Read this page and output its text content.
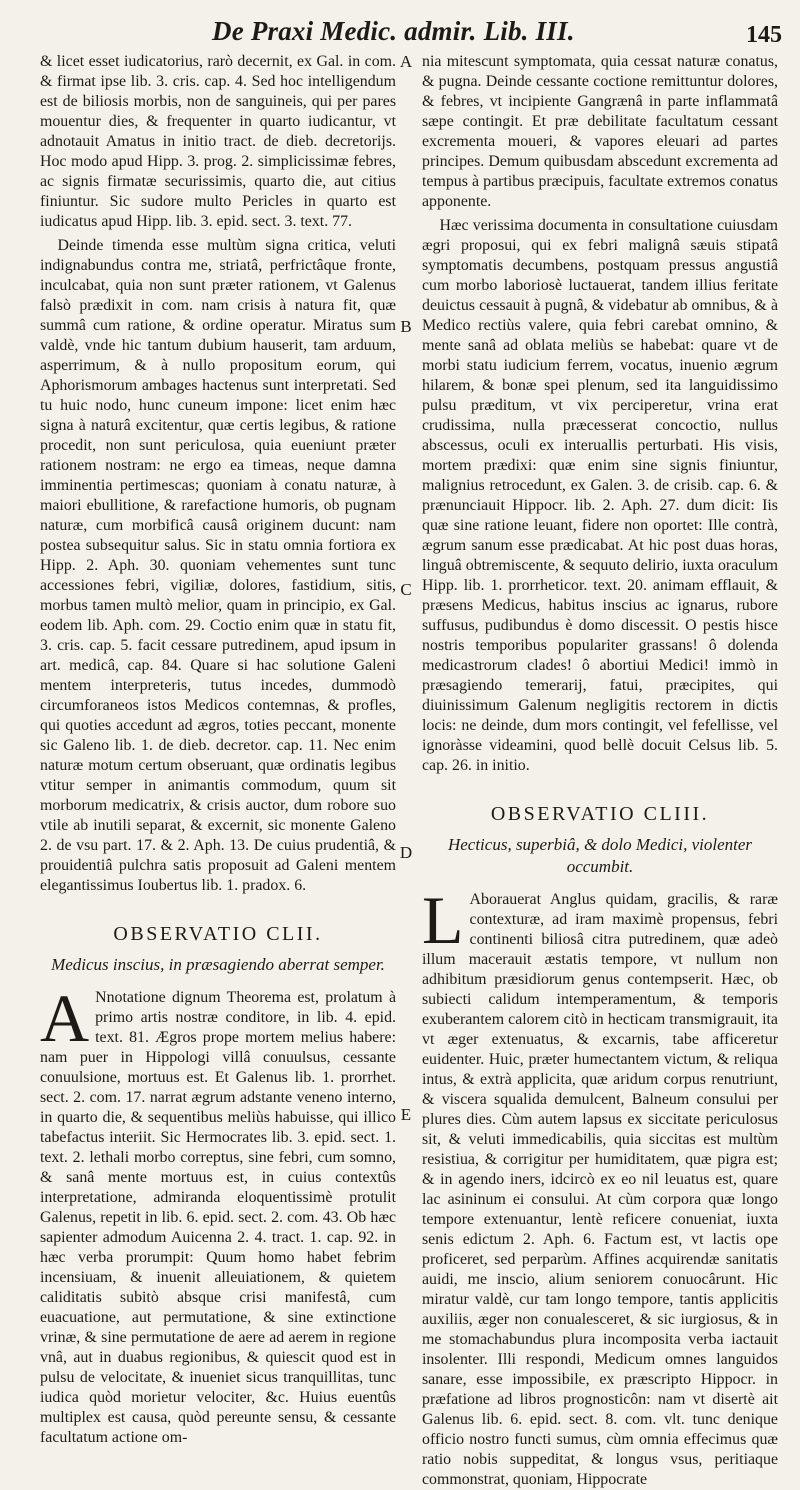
De Praxi Medic. admir. Lib. III.	145
A
B
C
D
E

& licet esset iudicatorius, rarò decernit, ex Gal. in com. & firmat ipse lib. 3. cris. cap. 4. Sed hoc intelligendum est de biliosis morbis, non de sanguineis, qui per pares mouentur dies, & frequenter in quarto iudicantur, vt adnotauit Amatus in initio tract. de dieb. decretorijs. Hoc modo apud Hipp. 3. prog. 2. simplicissimæ febres, ac signis firmatæ securissimis, quarto die, aut citius finiuntur. Sic sudore multo Pericles in quarto est iudicatus apud Hipp. lib. 3. epid. sect. 3. text. 77.

Deinde timenda esse multùm signa critica, veluti indignabundus contra me, striatâ, perfrictâque fronte, inculcabat, quia non sunt præter rationem, vt Galenus falsò prædixit in com. nam crisis à natura fit, quæ summâ cum ratione, & ordine operatur. Miratus sum valdè, vnde hic tantum dubium hauserit, tam arduum, asperrimum, & à nullo propositum eorum, qui Aphorismorum ambages hactenus sunt interpretati. Sed tu huic nodo, hunc cuneum impone: licet enim hæc signa à naturâ excitentur, quæ certis legibus, & ratione procedit, non sunt periculosa, quia eueniunt præter rationem nostram: ne ergo ea timeas, neque damna imminentia pertimescas; quoniam à conatu naturæ, à maiori ebullitione, & rarefactione humoris, ob pugnam naturæ, cum morbificâ causâ originem ducunt: nam postea subsequitur salus. Sic in statu omnia fortiora ex Hipp. 2. Aph. 30. quoniam vehementes sunt tunc accessiones febri, vigiliæ, dolores, fastidium, sitis, morbus tamen multò melior, quam in principio, ex Gal. eodem lib. Aph. com. 29. Coctio enim quæ in statu fit, 3. cris. cap. 5. facit cessare putredinem, apud ipsum in art. medicâ, cap. 84. Quare si hac solutione Galeni mentem interpreteris, tutus incedes, dummodò circumforaneos istos Medicos contemnas, & profles, qui quoties accedunt ad ægros, toties peccant, monente sic Galeno lib. 1. de dieb. decretor. cap. 11. Nec enim naturæ motum certum obseruant, quæ ordinatis legibus vtitur semper in animantis commodum, quum sit morborum medicatrix, & crisis auctor, dum robore suo vtile ab inutili separat, & excernit, sic monente Galeno 2. de vsu part. 17. & 2. Aph. 13. De cuius prudentiâ, & prouidentiâ pulchra satis proposuit ad Galeni mentem elegantissimus Ioubertus lib. 1. pradox. 6.

OBSERVATIO CLII.
Medicus inscius, in præsagiendo aberrat semper.

A Nnotatione dignum Theorema est, prolatum à primo artis nostræ conditore, in lib. 4. epid. text. 81. Ægros prope mortem melius habere: nam puer in Hippologi villâ conuulsus, cessante conuulsione, mortuus est. Et Galenus lib. 1. prorrhet. sect. 2. com. 17. narrat ægrum adstante veneno interno, in quarto die, & sequentibus meliùs habuisse, qui illico tabefactus interiit. Sic Hermocrates lib. 3. epid. sect. 1. text. 2. lethali morbo correptus, sine febri, cum somno, & sanâ mente mortuus est, in cuius contextûs interpretatione, admiranda eloquentissimè protulit Galenus, repetit in lib. 6. epid. sect. 2. com. 43. Ob hæc sapienter admodum Auicenna 2. 4. tract. 1. cap. 92. in hæc verba prorumpit: Quum homo habet febrim incensiuam, & inuenit alleuiationem, & quietem caliditatis subitò absque crisi manifestâ, cum euacuatione, aut permutatione, & sine extinctione vrinæ, & sine permutatione de aere ad aerem in regione vnâ, aut in duabus regionibus, & quiescit quod est in pulsu de velocitate, & inueniet sicus tranquillitas, tunc iudica quòd morietur velociter, &c. Huius euentûs multiplex est causa, quòd pereunte sensu, & cessante facultatum actione om-

nia mitescunt symptomata, quia cessat naturæ conatus, & pugna. Deinde cessante coctione remittuntur dolores, & febres, vt incipiente Gangrænâ in parte inflammatâ sæpe contingit. Et præ debilitate facultatum cessant excrementa moueri, & vapores eleuari ad partes principes. Demum quibusdam abscedunt excrementa ad tempus à partibus præcipuis, facultate extremos conatus apponente.

Hæc verissima documenta in consultatione cuiusdam ægri proposui, qui ex febri malignâ sæuis stipatâ symptomatis decumbens, postquam pressus angustiâ cum morbo laboriosè luctauerat, tandem illius feritate deuictus cessauit à pugnâ, & videbatur ab omnibus, & à Medico rectiùs valere, quia febri carebat omnino, & mente sanâ ad oblata meliùs se habebat: quare vt de morbi statu iudicium ferrem, vocatus, inuenio ægrum hilarem, & bonæ spei plenum, sed ita languidissimo pulsu præditum, vt vix perciperetur, vrina erat crudissima, nulla præcesserat concoctio, nullus abscessus, oculi ex interuallis perturbati. His visis, mortem prædixi: quæ enim sine signis finiuntur, malignius retrocedunt, ex Galen. 3. de crisib. cap. 6. & prænunciauit Hippocr. lib. 2. Aph. 27. dum dicit: Iis quæ sine ratione leuant, fidere non oportet: Ille contrà, ægrum sanum esse prædicabat. At hic post duas horas, linguâ obtremiscente, & sequuto delirio, iuxta oraculum Hipp. lib. 1. prorrheticor. text. 20. animam efflauit, & præsens Medicus, habitus inscius ac ignarus, rubore suffusus, pudibundus è domo discessit. O pestis hisce nostris temporibus populariter grassans! ô dolenda medicastrorum clades! ô abortiui Medici! immò in præsagiendo temerarij, fatui, præcipites, qui diuinissimum Galenum negligitis rectorem in dictis locis: ne deinde, dum mors contingit, vel fefellisse, vel ignoràsse videamini, quod bellè docuit Celsus lib. 5. cap. 26. in initio.

OBSERVATIO CLIII.
Hecticus, superbiâ, & dolo Medici, violenter occumbit.

L Aborauerat Anglus quidam, gracilis, & raræ contexturæ, ad iram maximè propensus, febri continenti biliosâ citra putredinem, quæ adeò illum macerauit æstatis tempore, vt nullum non adhibitum præsidiorum genus contempserit. Hæc, ob subiecti calidum intemperamentum, & temporis exuberantem calorem citò in hecticam transmigrauit, ita vt æger extenuatus, & excarnis, tabe afficeretur euidenter. Huic, præter humectantem victum, & reliqua intus, & extrà applicita, quæ aridum corpus renutriunt, & viscera squalida demulcent, Balneum consului per plures dies. Cùm autem lapsus ex siccitate periculosus sit, & veluti immedicabilis, quia siccitas est multùm resistiua, & corrigitur per humiditatem, quæ pigra est; & in agendo iners, idcircò ex eo nil leuatus est, quare lac asininum ei consului. At cùm corpora quæ longo tempore extenuantur, lentè reficere conueniat, iuxta senis edictum 2. Aph. 6. Factum est, vt lactis ope proficeret, sed perparùm. Affines acquirendæ sanitatis auidi, me inscio, alium seniorem conuocârunt. Hic miratur valdè, cur tam longo tempore, tantis applicitis auxiliis, æger non conualesceret, & sic iurgiosus, & in me stomachabundus plura incomposita verba iactauit insolenter. Illi respondi, Medicum omnes languidos sanare, esse impossibile, ex præscripto Hippocr. in præfatione ad libros prognosticôn: nam vt disertè ait Galenus lib. 6. epid. sect. 8. com. vlt. tunc denique officio nostro functi sumus, cùm omnia effecimus quæ ratio nobis suppeditat, & longus vsus, peritiaque commonstrat, quoniam, Hippocrate
